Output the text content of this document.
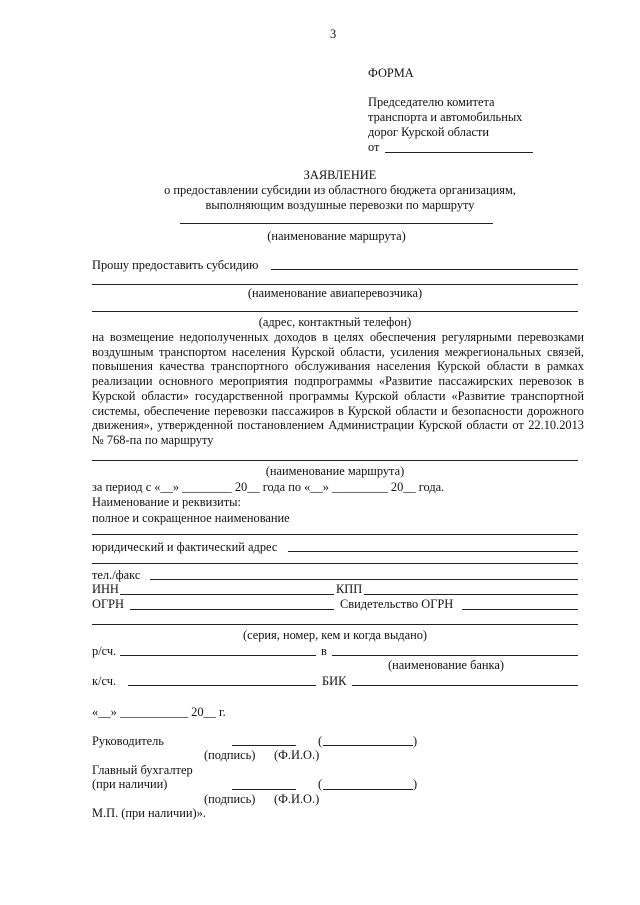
3
ФОРМА
Председателю комитета
транспорта и автомобильных
дорог Курской области
от
ЗАЯВЛЕНИЕ
о предоставлении субсидии из областного бюджета организациям,
выполняющим воздушные перевозки по маршруту
(наименование маршрута)
Прошу предоставить субсидию
(наименование авиаперевозчика)
(адрес, контактный телефон)
на возмещение недополученных доходов в целях обеспечения регулярными перевозками воздушным транспортом населения Курской области, усиления межрегиональных связей, повышения качества транспортного обслуживания населения Курской области в рамках реализации основного мероприятия подпрограммы «Развитие пассажирских перевозок в Курской области» государственной программы Курской области «Развитие транспортной системы, обеспечение перевозки пассажиров в Курской области и безопасности дорожного движения», утвержденной постановлением Администрации Курской области от 22.10.2013 № 768-па по маршруту
(наименование маршрута)
за период с «__» ________ 20__ года по «__» _________ 20__ года.
Наименование и реквизиты:
полное и сокращенное наименование
юридический и фактический адрес
тел./факс
ИНН	КПП
ОГРН	Свидетельство ОГРН
(серия, номер, кем и когда выдано)
р/сч.	в
(наименование банка)
к/сч.	БИК
«__» ___________ 20__ г.
Руководитель	(	)
(подпись) (Ф.И.О.)
Главный бухгалтер
(при наличии)	(	)
(подпись) (Ф.И.О.)
М.П. (при наличии)».
